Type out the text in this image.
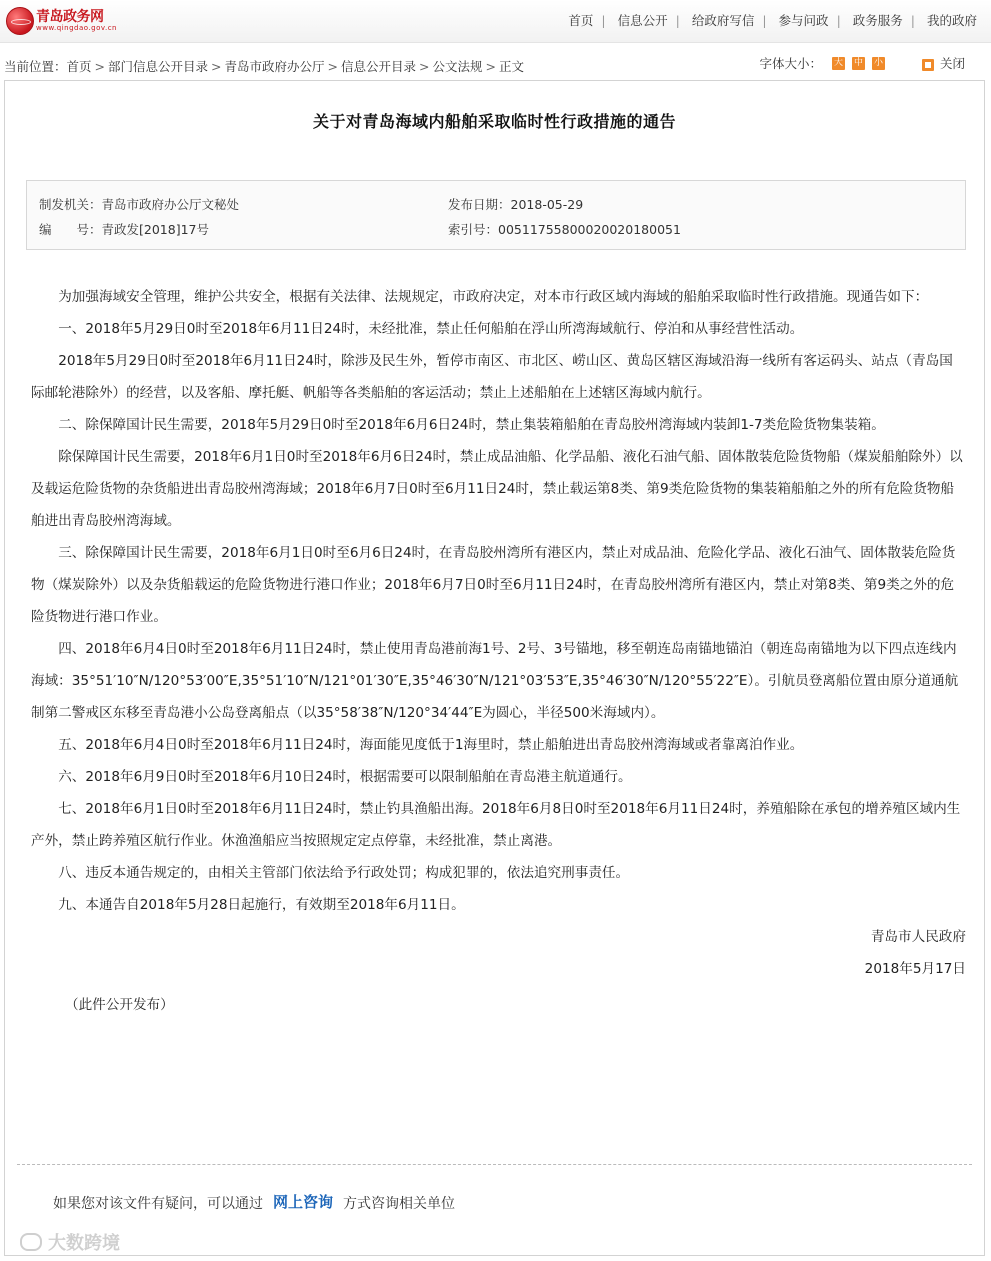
青岛政务网
www.qingdao.gov.cn	首页 | 信息公开 | 给政府写信 | 参与问政 | 政务服务 | 我的政府
当前位置：首页 > 部门信息公开目录 > 青岛市政府办公厅 > 信息公开目录 > 公文法规 > 正文	字体大小： 大 中 小	关闭
关于对青岛海域内船舶采取临时性行政措施的通告
制发机关：青岛市政府办公厅文秘处	发布日期：2018-05-29
编　　号：青政发[2018]17号	索引号：00511755800020020180051

为加强海域安全管理，维护公共安全，根据有关法律、法规规定，市政府决定，对本市行政区域内海域的船舶采取临时性行政措施。现通告如下：

一、2018年5月29日0时至2018年6月11日24时，未经批准，禁止任何船舶在浮山所湾海域航行、停泊和从事经营性活动。

2018年5月29日0时至2018年6月11日24时，除涉及民生外，暂停市南区、市北区、崂山区、黄岛区辖区海域沿海一线所有客运码头、站点（青岛国际邮轮港除外）的经营，以及客船、摩托艇、帆船等各类船舶的客运活动；禁止上述船舶在上述辖区海域内航行。

二、除保障国计民生需要，2018年5月29日0时至2018年6月6日24时，禁止集装箱船舶在青岛胶州湾海域内装卸1-7类危险货物集装箱。

除保障国计民生需要，2018年6月1日0时至2018年6月6日24时，禁止成品油船、化学品船、液化石油气船、固体散装危险货物船（煤炭船舶除外）以及载运危险货物的杂货船进出青岛胶州湾海域；2018年6月7日0时至6月11日24时，禁止载运第8类、第9类危险货物的集装箱船舶之外的所有危险货物船舶进出青岛胶州湾海域。

三、除保障国计民生需要，2018年6月1日0时至6月6日24时，在青岛胶州湾所有港区内，禁止对成品油、危险化学品、液化石油气、固体散装危险货物（煤炭除外）以及杂货船载运的危险货物进行港口作业；2018年6月7日0时至6月11日24时，在青岛胶州湾所有港区内，禁止对第8类、第9类之外的危险货物进行港口作业。

四、2018年6月4日0时至2018年6月11日24时，禁止使用青岛港前海1号、2号、3号锚地，移至朝连岛南锚地锚泊（朝连岛南锚地为以下四点连线内海域：35°51′10″N/120°53′00″E,35°51′10″N/121°01′30″E,35°46′30″N/121°03′53″E,35°46′30″N/120°55′22″E）。引航员登离船位置由原分道通航制第二警戒区东移至青岛港小公岛登离船点（以35°58′38″N/120°34′44″E为圆心，半径500米海域内）。

五、2018年6月4日0时至2018年6月11日24时，海面能见度低于1海里时，禁止船舶进出青岛胶州湾海域或者靠离泊作业。

六、2018年6月9日0时至2018年6月10日24时，根据需要可以限制船舶在青岛港主航道通行。

七、2018年6月1日0时至2018年6月11日24时，禁止钓具渔船出海。2018年6月8日0时至2018年6月11日24时，养殖船除在承包的增养殖区域内生产外，禁止跨养殖区航行作业。休渔渔船应当按照规定定点停靠，未经批准，禁止离港。

八、违反本通告规定的，由相关主管部门依法给予行政处罚；构成犯罪的，依法追究刑事责任。

九、本通告自2018年5月28日起施行，有效期至2018年6月11日。

青岛市人民政府

2018年5月17日

（此件公开发布）

如果您对该文件有疑问，可以通过 网上咨询 方式咨询相关单位
大数跨境
